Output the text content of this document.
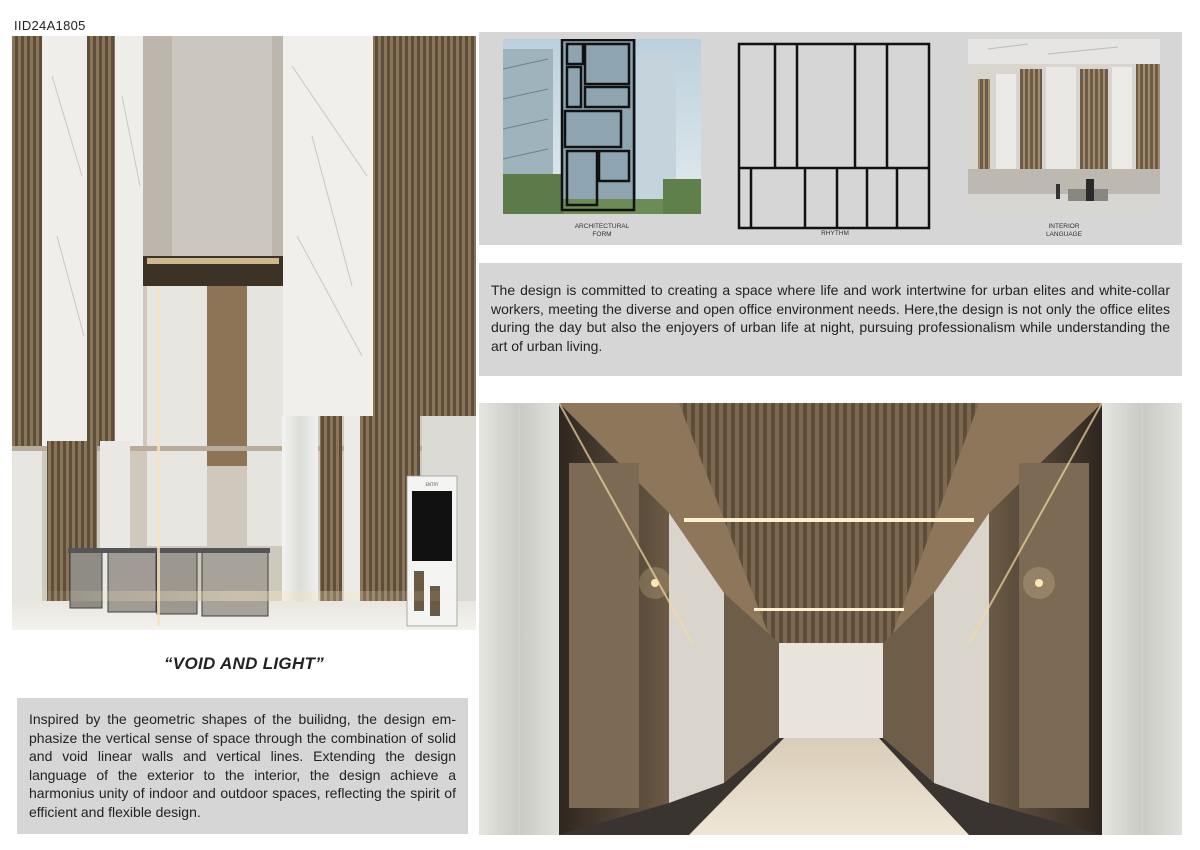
IID24A1805
ENTRY
“VOID AND LIGHT”

Inspired by the geometric shapes of the builidng, the design emphasize the vertical sense of space through the combination of solid and void linear walls and vertical lines. Extending the design language of the exterior to the interior, the design achieve a harmonius unity of indoor and outdoor spaces, reflecting the spirit of efficient and flexible design.

ARCHITECTURAL
FORM	RHYTHM
INTERIOR
LANGUAGE

The design is committed to creating a space where life and work intertwine for urban elites and white-collar workers, meeting the diverse and open office environment needs. Here,the design is not only the office elites during the day but also the enjoyers of urban life at night, pursuing professionalism while understanding the art of urban living.
